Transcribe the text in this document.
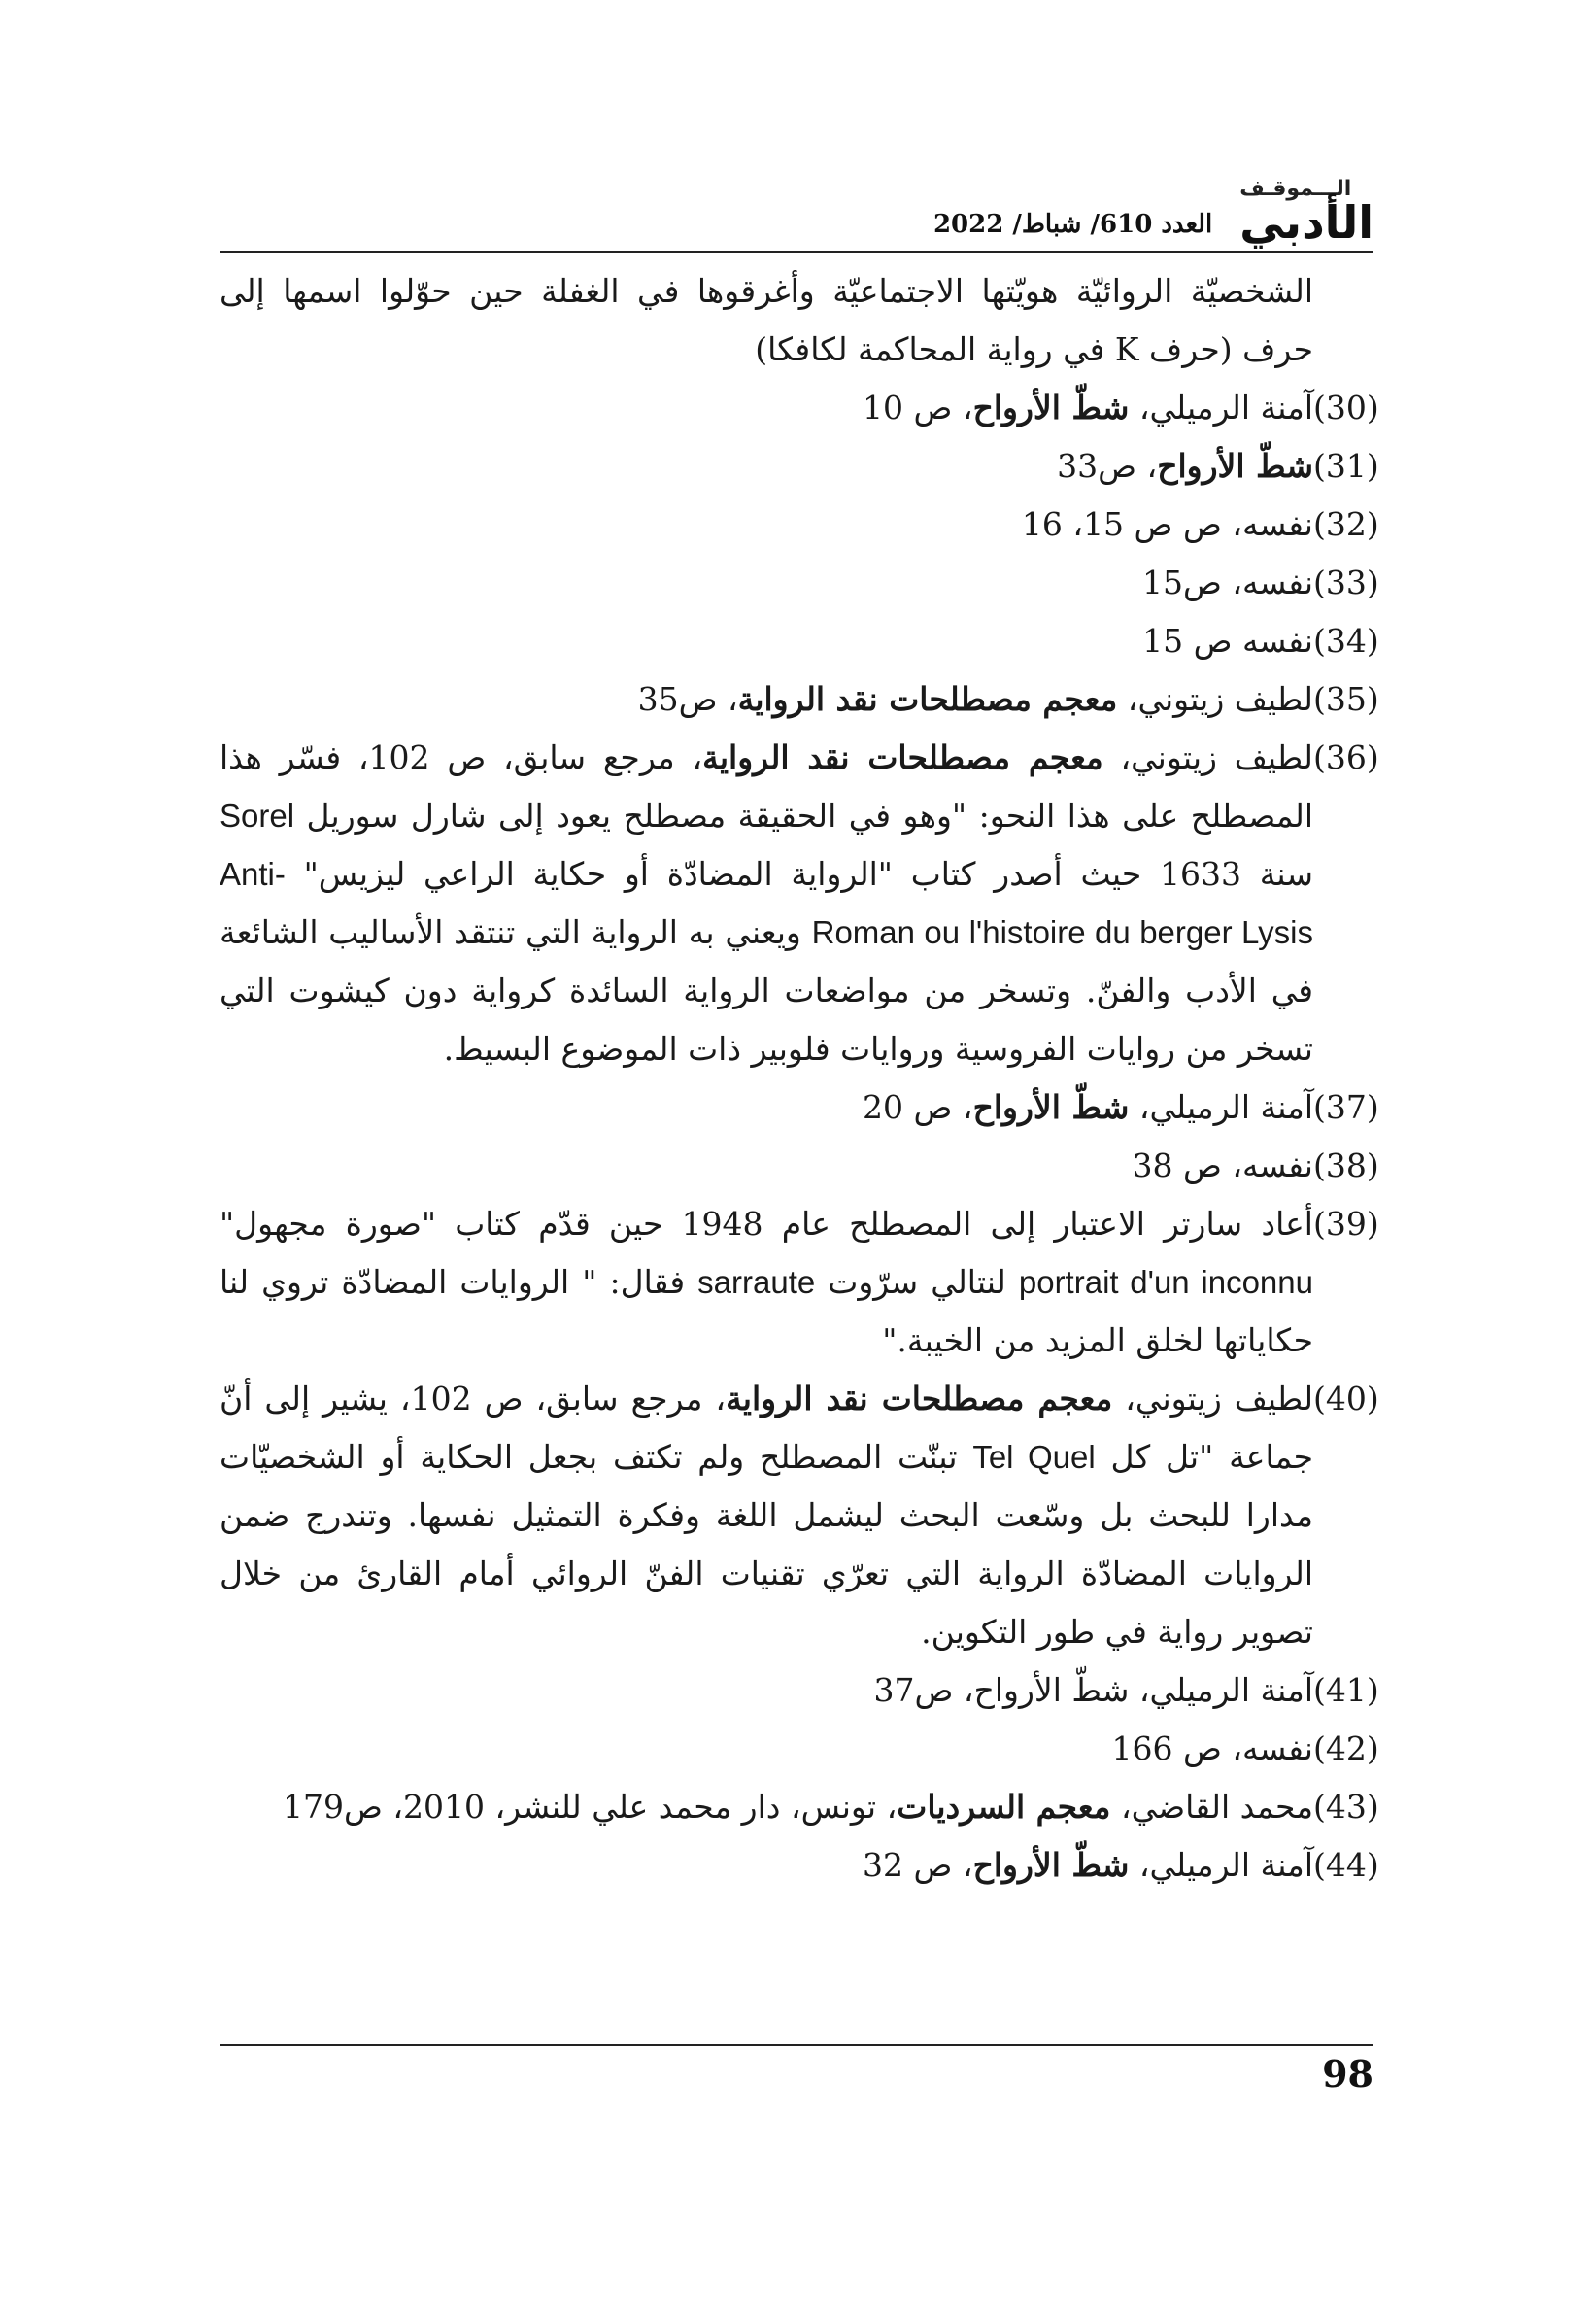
الـــموقـف
الأدبي
العدد 610/ شباط/ 2022

الشخصيّة الروائيّة هويّتها الاجتماعيّة وأغرقوها في الغفلة حين حوّلوا اسمها إلى حرف (حرف K في رواية المحاكمة لكافكا)

(30)
آمنة الرميلي، شطّ الأرواح، ص 10
(31)
شطّ الأرواح، ص33
(32)
نفسه، ص ص 15، 16
(33)
نفسه، ص15
(34)
نفسه ص 15
(35)
لطيف زيتوني، معجم مصطلحات نقد الرواية، ص35
(36)
لطيف زيتوني، معجم مصطلحات نقد الرواية، مرجع سابق، ص 102، فسّر هذا المصطلح على هذا النحو: "وهو في الحقيقة مصطلح يعود إلى شارل سوريل Sorel سنة 1633 حيث أصدر كتاب "الرواية المضادّة أو حكاية الراعي ليزيس" Anti-Roman ou l'histoire du berger Lysis ويعني به الرواية التي تنتقد الأساليب الشائعة في الأدب والفنّ. وتسخر من مواضعات الرواية السائدة كرواية دون كيشوت التي تسخر من روايات الفروسية وروايات فلوبير ذات الموضوع البسيط.
(37)
آمنة الرميلي، شطّ الأرواح، ص 20
(38)
نفسه، ص 38
(39)
أعاد سارتر الاعتبار إلى المصطلح عام 1948 حين قدّم كتاب "صورة مجهول" portrait d'un inconnu لنتالي سرّوت sarraute فقال: " الروايات المضادّة تروي لنا حكاياتها لخلق المزيد من الخيبة."
(40)
لطيف زيتوني، معجم مصطلحات نقد الرواية، مرجع سابق، ص 102، يشير إلى أنّ جماعة "تل كل Tel Quel تبنّت المصطلح ولم تكتف بجعل الحكاية أو الشخصيّات مدارا للبحث بل وسّعت البحث ليشمل اللغة وفكرة التمثيل نفسها. وتندرج ضمن الروايات المضادّة الرواية التي تعرّي تقنيات الفنّ الروائي أمام القارئ من خلال تصوير رواية في طور التكوين.
(41)
آمنة الرميلي، شطّ الأرواح، ص37
(42)
نفسه، ص 166
(43)
محمد القاضي، معجم السرديات، تونس، دار محمد علي للنشر، 2010، ص179
(44)
آمنة الرميلي، شطّ الأرواح، ص 32
98
